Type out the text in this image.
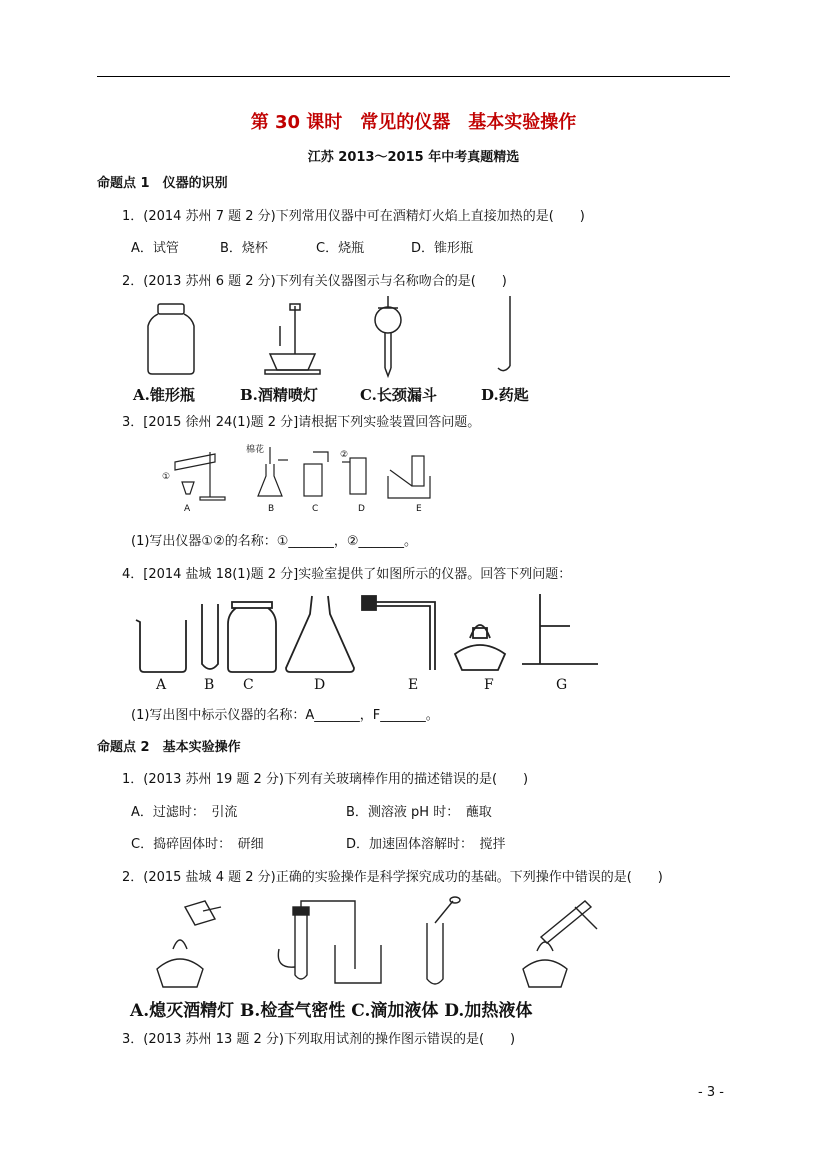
第 30 课时　常见的仪器　基本实验操作
江苏 2013～2015 年中考真题精选
命题点 1　仪器的识别
1．(2014 苏州 7 题 2 分)下列常用仪器中可在酒精灯火焰上直接加热的是(　　)
A．试管	B．烧杯	C．烧瓶	D．锥形瓶
2．(2013 苏州 6 题 2 分)下列有关仪器图示与名称吻合的是(　　)
A.锥形瓶	B.酒精喷灯	C.长颈漏斗	D.药匙
3．[2015 徐州 24(1)题 2 分]请根据下列实验装置回答问题。
棉花
①
②
A	B	C	D	E
(1)写出仪器①②的名称：①_______，②_______。
4．[2014 盐城 18(1)题 2 分]实验室提供了如图所示的仪器。回答下列问题：
A	B C	D	E	F	G
(1)写出图中标示仪器的名称：A_______，F_______。
命题点 2　基本实验操作
1．(2013 苏州 19 题 2 分)下列有关玻璃棒作用的描述错误的是(　　)
A．过滤时：　引流	B．测溶液 pH 时：　蘸取
C．捣碎固体时：　研细	D．加速固体溶解时：　搅拌
2．(2015 盐城 4 题 2 分)正确的实验操作是科学探究成功的基础。下列操作中错误的是(　　)
A.熄灭酒精灯 B.检查气密性 C.滴加液体 D.加热液体
3．(2013 苏州 13 题 2 分)下列取用试剂的操作图示错误的是(　　)
- 3 -
